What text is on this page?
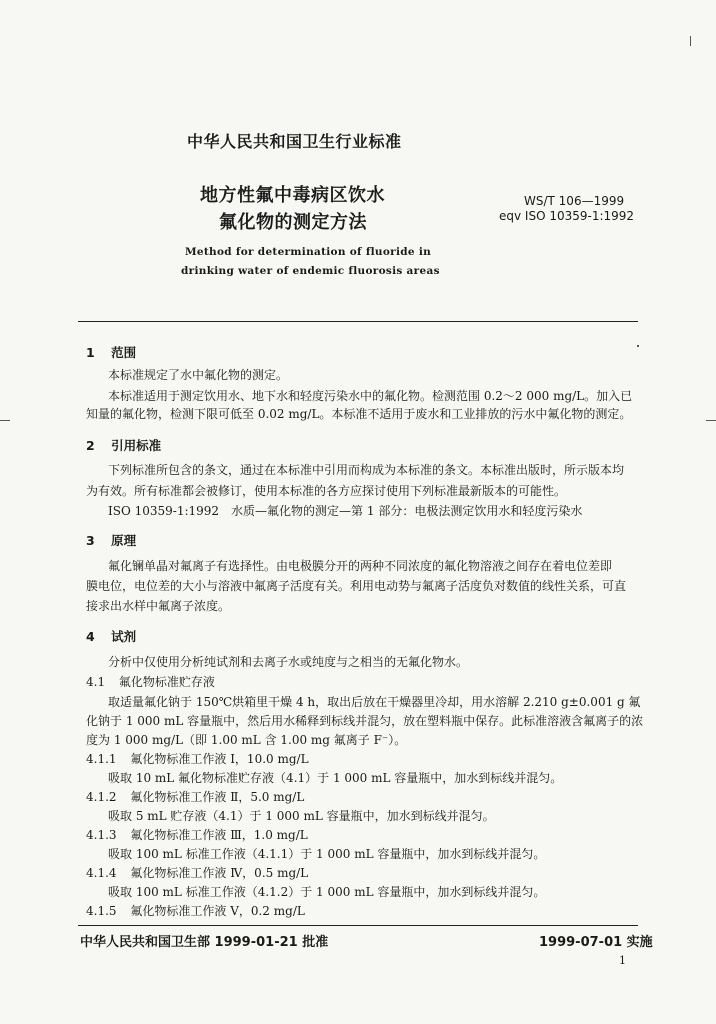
中华人民共和国卫生行业标准
地方性氟中毒病区饮水
氟化物的测定方法
WS/T 106—1999
eqv ISO 10359-1:1992
Method for determination of fluoride in
drinking water of endemic fluorosis areas
1 范围
本标准规定了水中氟化物的测定。
本标准适用于测定饮用水、地下水和轻度污染水中的氟化物。检测范围 0.2～2 000 mg/L。加入已
知量的氟化物，检测下限可低至 0.02 mg/L。本标准不适用于废水和工业排放的污水中氟化物的测定。
2 引用标准
下列标准所包含的条文，通过在本标准中引用而构成为本标准的条文。本标准出版时，所示版本均
为有效。所有标准都会被修订，使用本标准的各方应探讨使用下列标准最新版本的可能性。
ISO 10359-1:1992　水质—氟化物的测定—第 1 部分：电极法测定饮用水和轻度污染水
3 原理
氟化镧单晶对氟离子有选择性。由电极膜分开的两种不同浓度的氟化物溶液之间存在着电位差即
膜电位，电位差的大小与溶液中氟离子活度有关。利用电动势与氟离子活度负对数值的线性关系，可直
接求出水样中氟离子浓度。
4 试剂
分析中仅使用分析纯试剂和去离子水或纯度与之相当的无氟化物水。
4.1 氟化物标准贮存液
取适量氟化钠于 150℃烘箱里干燥 4 h，取出后放在干燥器里冷却，用水溶解 2.210 g±0.001 g 氟
化钠于 1 000 mL 容量瓶中，然后用水稀释到标线并混匀，放在塑料瓶中保存。此标准溶液含氟离子的浓
度为 1 000 mg/L（即 1.00 mL 含 1.00 mg 氟离子 F⁻）。
4.1.1 氟化物标准工作液 Ⅰ，10.0 mg/L
吸取 10 mL 氟化物标准贮存液（4.1）于 1 000 mL 容量瓶中，加水到标线并混匀。
4.1.2 氟化物标准工作液 Ⅱ，5.0 mg/L
吸取 5 mL 贮存液（4.1）于 1 000 mL 容量瓶中，加水到标线并混匀。
4.1.3 氟化物标准工作液 Ⅲ，1.0 mg/L
吸取 100 mL 标准工作液（4.1.1）于 1 000 mL 容量瓶中，加水到标线并混匀。
4.1.4 氟化物标准工作液 Ⅳ，0.5 mg/L
吸取 100 mL 标准工作液（4.1.2）于 1 000 mL 容量瓶中，加水到标线并混匀。
4.1.5 氟化物标准工作液 Ⅴ，0.2 mg/L
中华人民共和国卫生部 1999-01-21 批准	1999-07-01 实施
1
